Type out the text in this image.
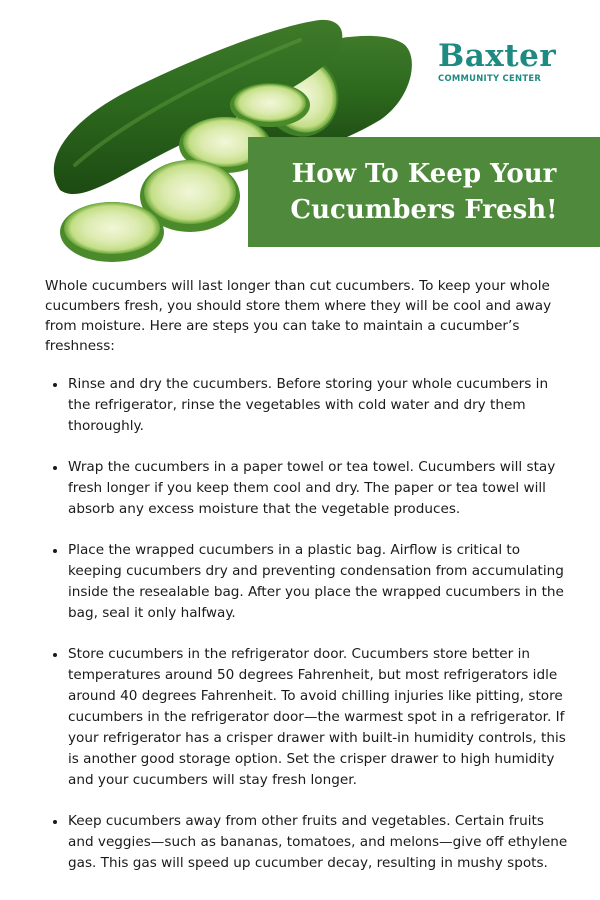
Baxter
COMMUNITY CENTER
How To Keep Your
Cucumbers Fresh!

Whole cucumbers will last longer than cut cucumbers. To keep your whole cucumbers fresh, you should store them where they will be cool and away from moisture. Here are steps you can take to maintain a cucumber’s freshness:

Rinse and dry the cucumbers. Before storing your whole cucumbers in the refrigerator, rinse the vegetables with cold water and dry them thoroughly.
Wrap the cucumbers in a paper towel or tea towel. Cucumbers will stay fresh longer if you keep them cool and dry. The paper or tea towel will absorb any excess moisture that the vegetable produces.
Place the wrapped cucumbers in a plastic bag. Airflow is critical to keeping cucumbers dry and preventing condensation from accumulating inside the resealable bag. After you place the wrapped cucumbers in the bag, seal it only halfway.
Store cucumbers in the refrigerator door. Cucumbers store better in temperatures around 50 degrees Fahrenheit, but most refrigerators idle around 40 degrees Fahrenheit. To avoid chilling injuries like pitting, store cucumbers in the refrigerator door—the warmest spot in a refrigerator. If your refrigerator has a crisper drawer with built-in humidity controls, this is another good storage option. Set the crisper drawer to high humidity and your cucumbers will stay fresh longer.
Keep cucumbers away from other fruits and vegetables. Certain fruits and veggies—such as bananas, tomatoes, and melons—give off ethylene gas. This gas will speed up cucumber decay, resulting in mushy spots.
